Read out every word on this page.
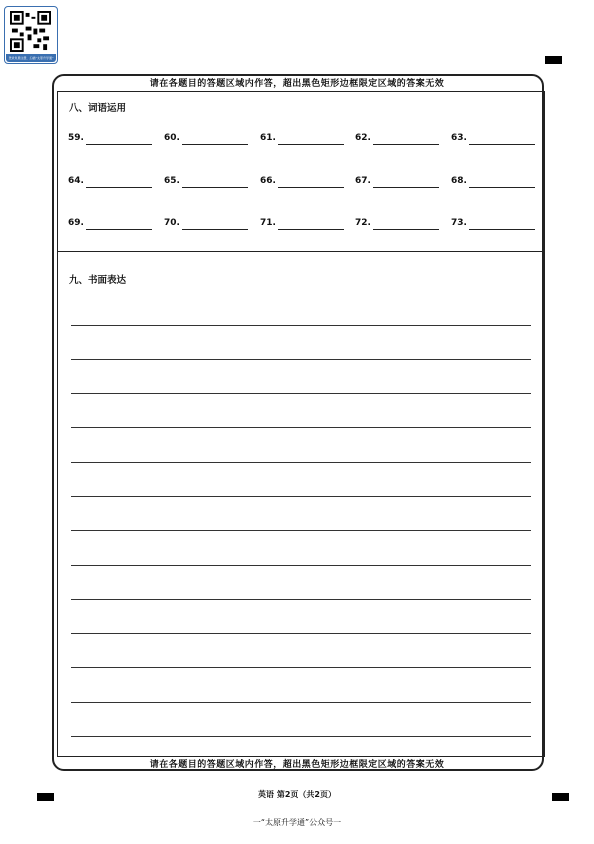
登录免费注册，扫描“太原升学通”
请在各题目的答题区域内作答，超出黑色矩形边框限定区域的答案无效
请在各题目的答题区域内作答，超出黑色矩形边框限定区域的答案无效
八、词语运用
59.	60.	61.	62.	63.
64.	65.	66.	67.	68.
69.	70.	71.	72.	73.
九、书面表达
英语 第2页（共2页）
一“太原升学通”公众号一
